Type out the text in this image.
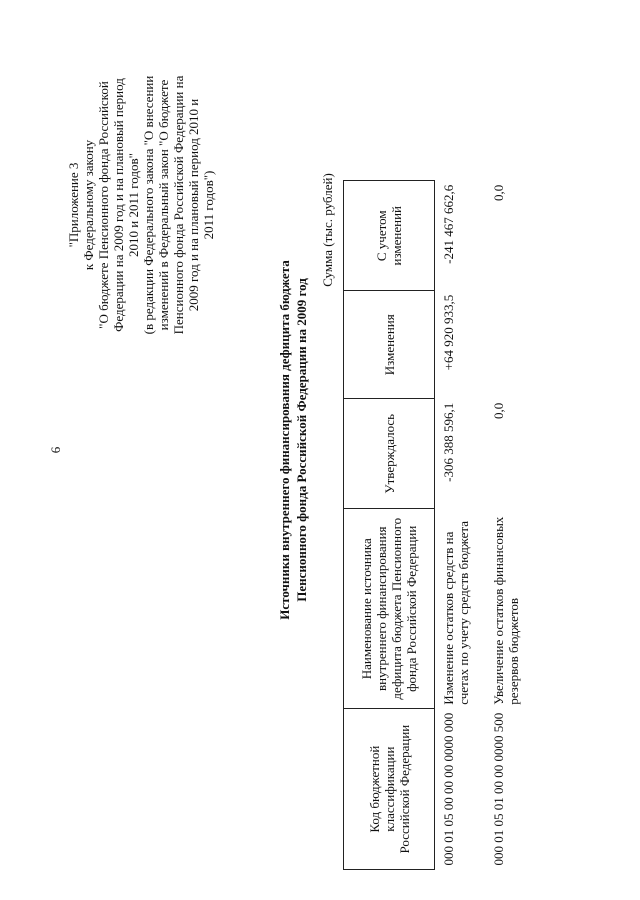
6
"Приложение 3 к Федеральному закону "О бюджете Пенсионного фонда Российской Федерации на 2009 год и на плановый период 2010 и 2011 годов" (в редакции Федерального закона "О внесении изменений в Федеральный закон "О бюджете Пенсионного фонда Российской Федерации на 2009 год и на плановый период 2010 и 2011 годов")
Источники внутреннего финансирования дефицита бюджета Пенсионного фонда Российской Федерации на 2009 год
Сумма (тыс. рублей)
Код бюджетной классификации Российской Федерации	Наименование источника внутреннего финансирования дефицита бюджета Пенсионного фонда Российской Федерации	Утверждалось	Изменения	С учетом изменений
000 01 05 00 00 00 0000 000	Изменение остатков средств на счетах по учету средств бюджета	-306 388 596,1	+64 920 933,5	-241 467 662,6
000 01 05 01 00 00 0000 500	Увеличение остатков финансовых резервов бюджетов	0,0		0,0
